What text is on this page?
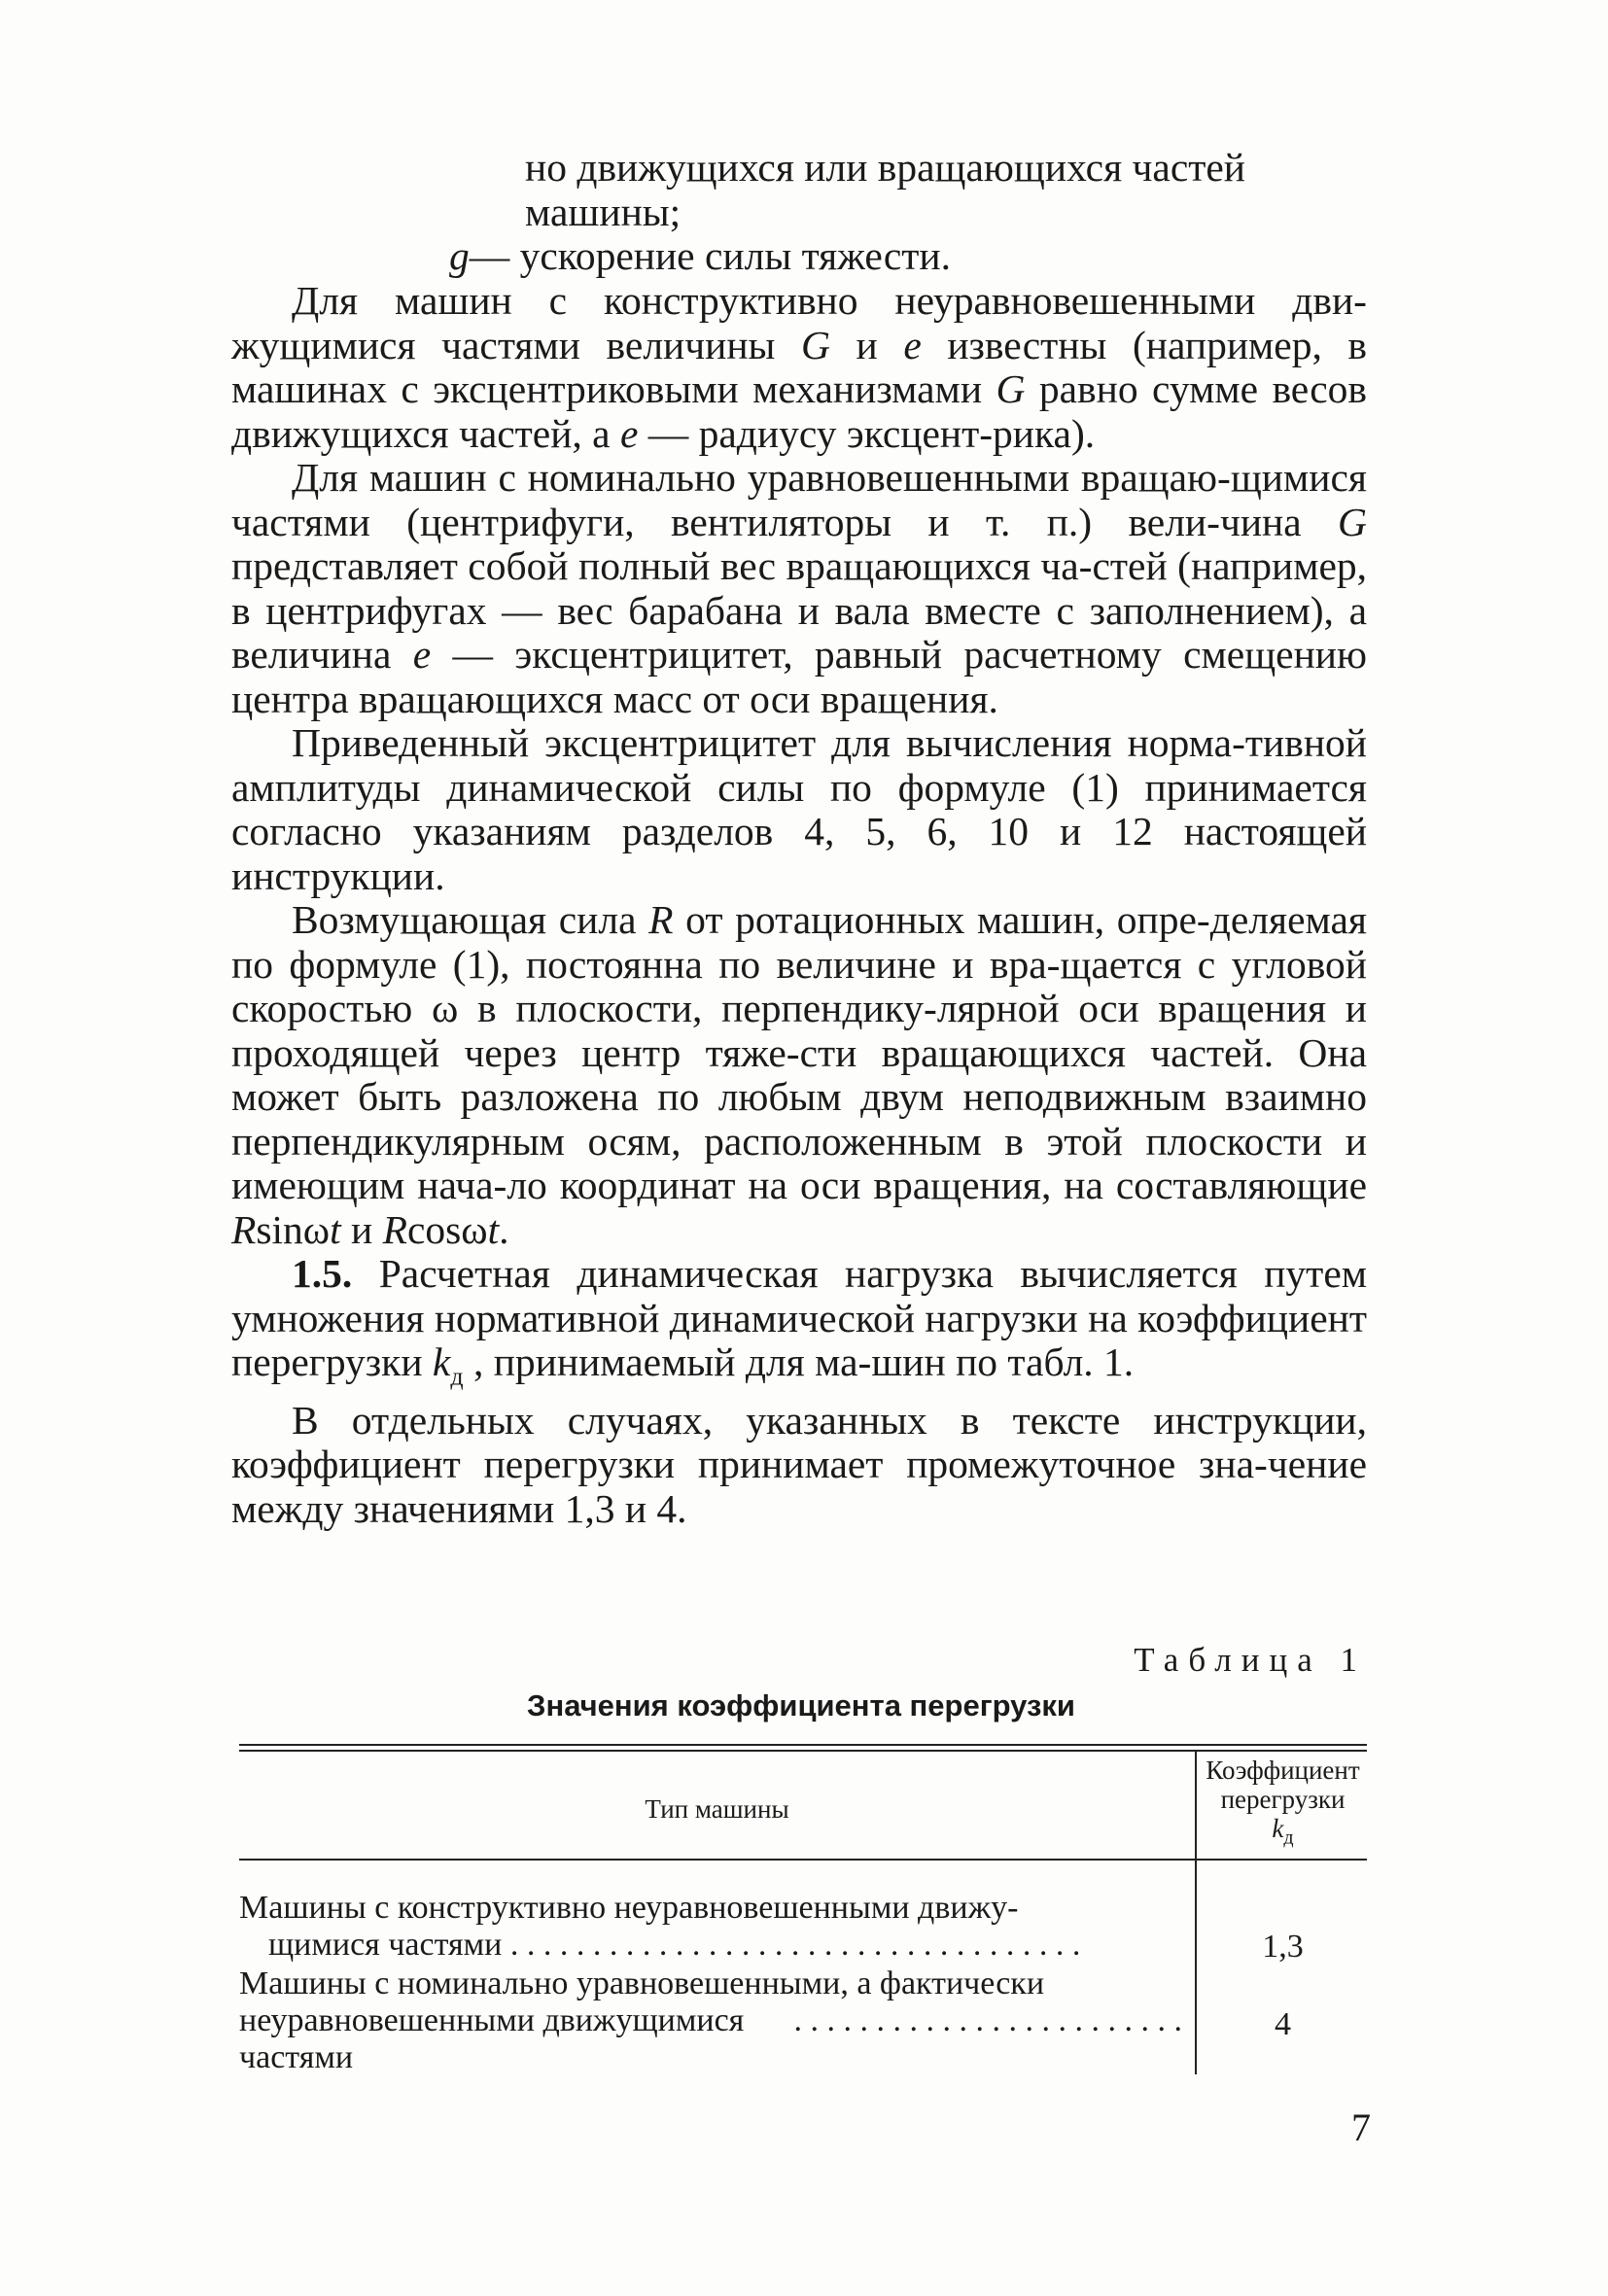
но движущихся или вращающихся частей

машины;

g— ускорение силы тяжести.

Для машин с конструктивно неуравновешенными дви-жущимися частями величины G и e известны (например, в машинах с эксцентриковыми механизмами G равно сумме весов движущихся частей, а e — радиусу эксцент-рика).

Для машин с номинально уравновешенными вращаю-щимися частями (центрифуги, вентиляторы и т. п.) вели-чина G представляет собой полный вес вращающихся ча-стей (например, в центрифугах — вес барабана и вала вместе с заполнением), а величина e — эксцентрицитет, равный расчетному смещению центра вращающихся масс от оси вращения.

Приведенный эксцентрицитет для вычисления норма-тивной амплитуды динамической силы по формуле (1) принимается согласно указаниям разделов 4, 5, 6, 10 и 12 настоящей инструкции.

Возмущающая сила R от ротационных машин, опре-деляемая по формуле (1), постоянна по величине и вра-щается с угловой скоростью ω в плоскости, перпендику-лярной оси вращения и проходящей через центр тяже-сти вращающихся частей. Она может быть разложена по любым двум неподвижным взаимно перпендикулярным осям, расположенным в этой плоскости и имеющим нача-ло координат на оси вращения, на составляющие Rsinωt и Rcosωt.

1.5. Расчетная динамическая нагрузка вычисляется путем умножения нормативной динамической нагрузки на коэффициент перегрузки $k_д$ , принимаемый для ма-шин по табл. 1.

В отдельных случаях, указанных в тексте инструкции, коэффициент перегрузки принимает промежуточное зна-чение между значениями 1,3 и 4.

Таблица 1
Значения коэффициента перегрузки
Тип машины
Коэффициент
перегрузки
$k_д$
Машины с конструктивно неуравновешенными движу-
щимися частями . . . . . . . . . . . . . . . . . . . . . . . . . . . . . . . . . . .	1,3
Машины с номинально уравновешенными, а фактически
неуравновешенными движущимися частями
. . . . . . . . . . . . . . . . . . . . . . . .	4
7
